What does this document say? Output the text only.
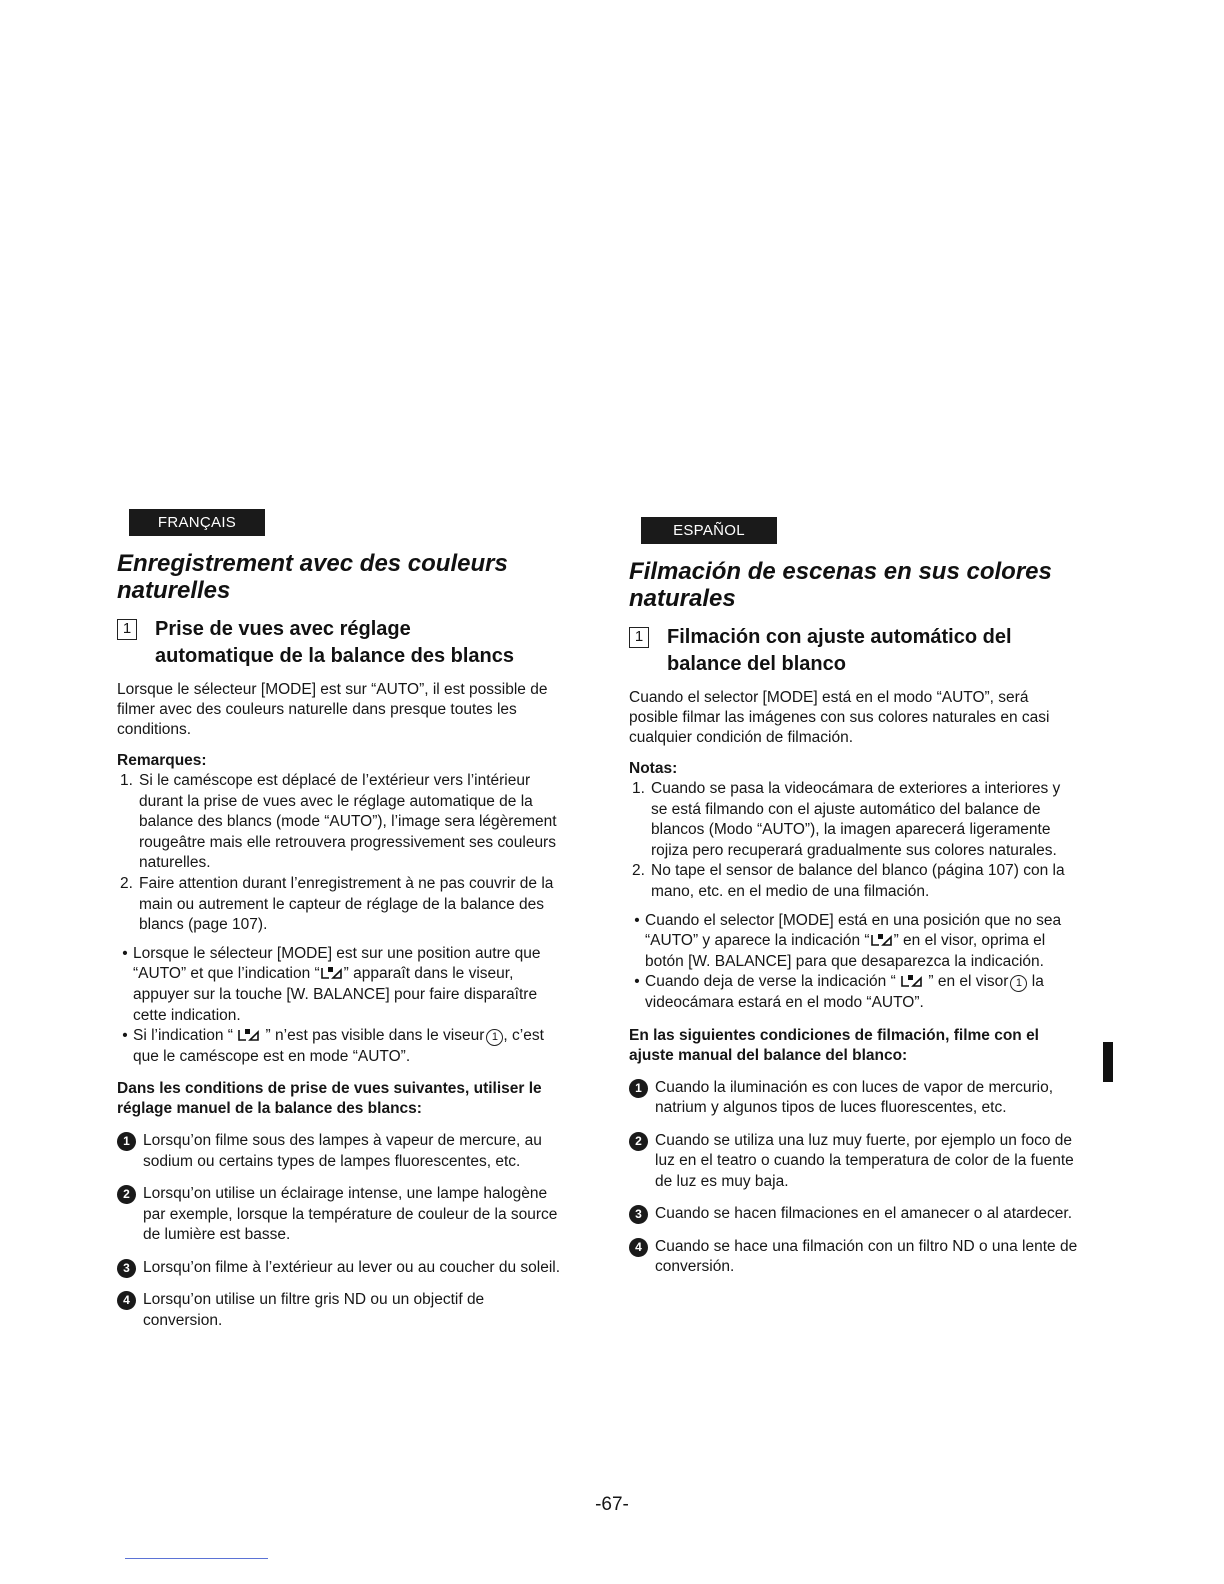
FRANÇAIS
Enregistrement avec des couleurs naturelles
1 Prise de vues avec réglage
automatique de la balance des blancs
Lorsque le sélecteur [MODE] est sur “AUTO”, il est possible de filmer avec des couleurs naturelle dans presque toutes les conditions.
Remarques:
1. Si le caméscope est déplacé de l’extérieur vers l’intérieur durant la prise de vues avec le réglage automatique de la balance des blancs (mode “AUTO”), l’image sera légèrement rougeâtre mais elle retrouvera progressivement ses couleurs naturelles.
2. Faire attention durant l’enregistrement à ne pas couvrir de la main ou autrement le capteur de réglage de la balance des blancs (page 107).
• Lorsque le sélecteur [MODE] est sur une position autre que “AUTO” et que l’indication “ ” apparaît dans le viseur, appuyer sur la touche [W. BALANCE] pour faire disparaître cette indication.
• Si l’indication “  ” n’est pas visible dans le viseur 1 , c’est que le caméscope est en mode “AUTO”.
Dans les conditions de prise de vues suivantes, utiliser le réglage manuel de la balance des blancs:
1 Lorsqu’on filme sous des lampes à vapeur de mercure, au sodium ou certains types de lampes fluorescentes, etc.
2 Lorsqu’on utilise un éclairage intense, une lampe halogène par exemple, lorsque la température de couleur de la source de lumière est basse.
3 Lorsqu’on filme à l’extérieur au lever ou au coucher du soleil.
4 Lorsqu’on utilise un filtre gris ND ou un objectif de conversion.
ESPAÑOL
Filmación de escenas en sus colores naturales
1 Filmación con ajuste automático del
balance del blanco
Cuando el selector [MODE] está en el modo “AUTO”, será posible filmar las imágenes con sus colores naturales en casi cualquier condición de filmación.
Notas:
1. Cuando se pasa la videocámara de exteriores a interiores y se está filmando con el ajuste automático del balance de blancos (Modo “AUTO”), la imagen aparecerá ligeramente rojiza pero recuperará gradualmente sus colores naturales.
2. No tape el sensor de balance del blanco (página 107) con la mano, etc. en el medio de una filmación.
• Cuando el selector [MODE] está en una posición que no sea “AUTO” y aparece la indicación “ ” en el visor, oprima el botón [W. BALANCE] para que desaparezca la indicación.
• Cuando deja de verse la indicación “  ” en el visor 1 la videocámara estará en el modo “AUTO”.
En las siguientes condiciones de filmación, filme con el ajuste manual del balance del blanco:
1 Cuando la iluminación es con luces de vapor de mercurio, natrium y algunos tipos de luces fluorescentes, etc.
2 Cuando se utiliza una luz muy fuerte, por ejemplo un foco de luz en el teatro o cuando la temperatura de color de la fuente de luz es muy baja.
3 Cuando se hacen filmaciones en el amanecer o al atardecer.
4 Cuando se hace una filmación con un filtro ND o una lente de conversión.
-67-
